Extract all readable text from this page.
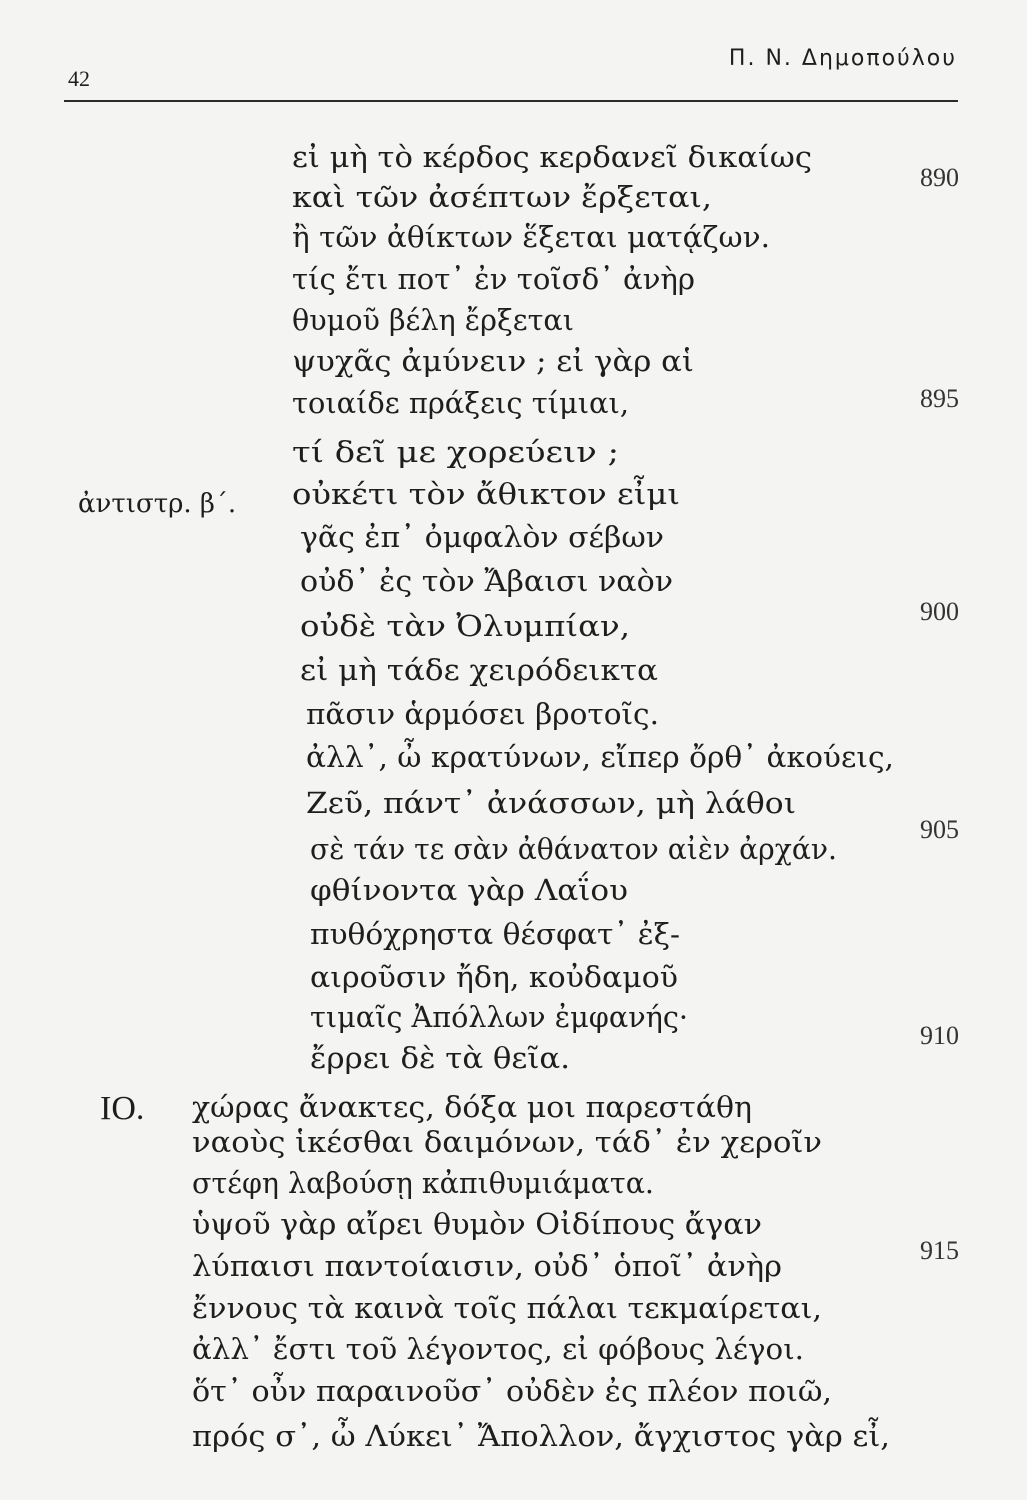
42
Π. Ν. Δημοπούλου
ἀντιστρ. β΄.
ΙΟ.
890
895
900
905
910
915
εἰ μὴ τὸ κέρδος κερδανεῖ δικαίως
καὶ τῶν ἀσέπτων ἔρξεται,
ἢ τῶν ἀθίκτων ἕξεται ματᾴζων.
τίς ἔτι ποτ᾽ ἐν τοῖσδ᾽ ἀνὴρ
θυμοῦ βέλη ἔρξεται
ψυχᾶς ἀμύνειν ; εἰ γὰρ αἱ
τοιαίδε πράξεις τίμιαι,
τί δεῖ με χορεύειν ;
οὐκέτι τὸν ἄθικτον εἶμι
γᾶς ἐπ᾽ ὀμφαλὸν σέβων
οὐδ᾽ ἐς τὸν Ἄβαισι ναὸν
οὐδὲ τὰν Ὀλυμπίαν,
εἰ μὴ τάδε χειρόδεικτα
πᾶσιν ἁρμόσει βροτοῖς.
ἀλλ᾽, ὦ κρατύνων, εἴπερ ὄρθ᾽ ἀκούεις,
Ζεῦ, πάντ᾽ ἀνάσσων, μὴ λάθοι
σὲ τάν τε σὰν ἀθάνατον αἰὲν ἀρχάν.
φθίνοντα γὰρ Λαΐου
πυθόχρηστα θέσφατ᾽ ἐξ-
αιροῦσιν ἤδη, κοὐδαμοῦ
τιμαῖς Ἀπόλλων ἐμφανής·
ἔρρει δὲ τὰ θεῖα.
χώρας ἄνακτες, δόξα μοι παρεστάθη
ναοὺς ἱκέσθαι δαιμόνων, τάδ᾽ ἐν χεροῖν
στέφη λαβούσῃ κἀπιθυμιάματα.
ὑψοῦ γὰρ αἴρει θυμὸν Οἰδίπους ἄγαν
λύπαισι παντοίαισιν, οὐδ᾽ ὁποῖ᾽ ἀνὴρ
ἔννους τὰ καινὰ τοῖς πάλαι τεκμαίρεται,
ἀλλ᾽ ἔστι τοῦ λέγοντος, εἰ φόβους λέγοι.
ὅτ᾽ οὖν παραινοῦσ᾽ οὐδὲν ἐς πλέον ποιῶ,
πρός σ᾽, ὦ Λύκει᾽ Ἄπολλον, ἄγχιστος γὰρ εἶ,
